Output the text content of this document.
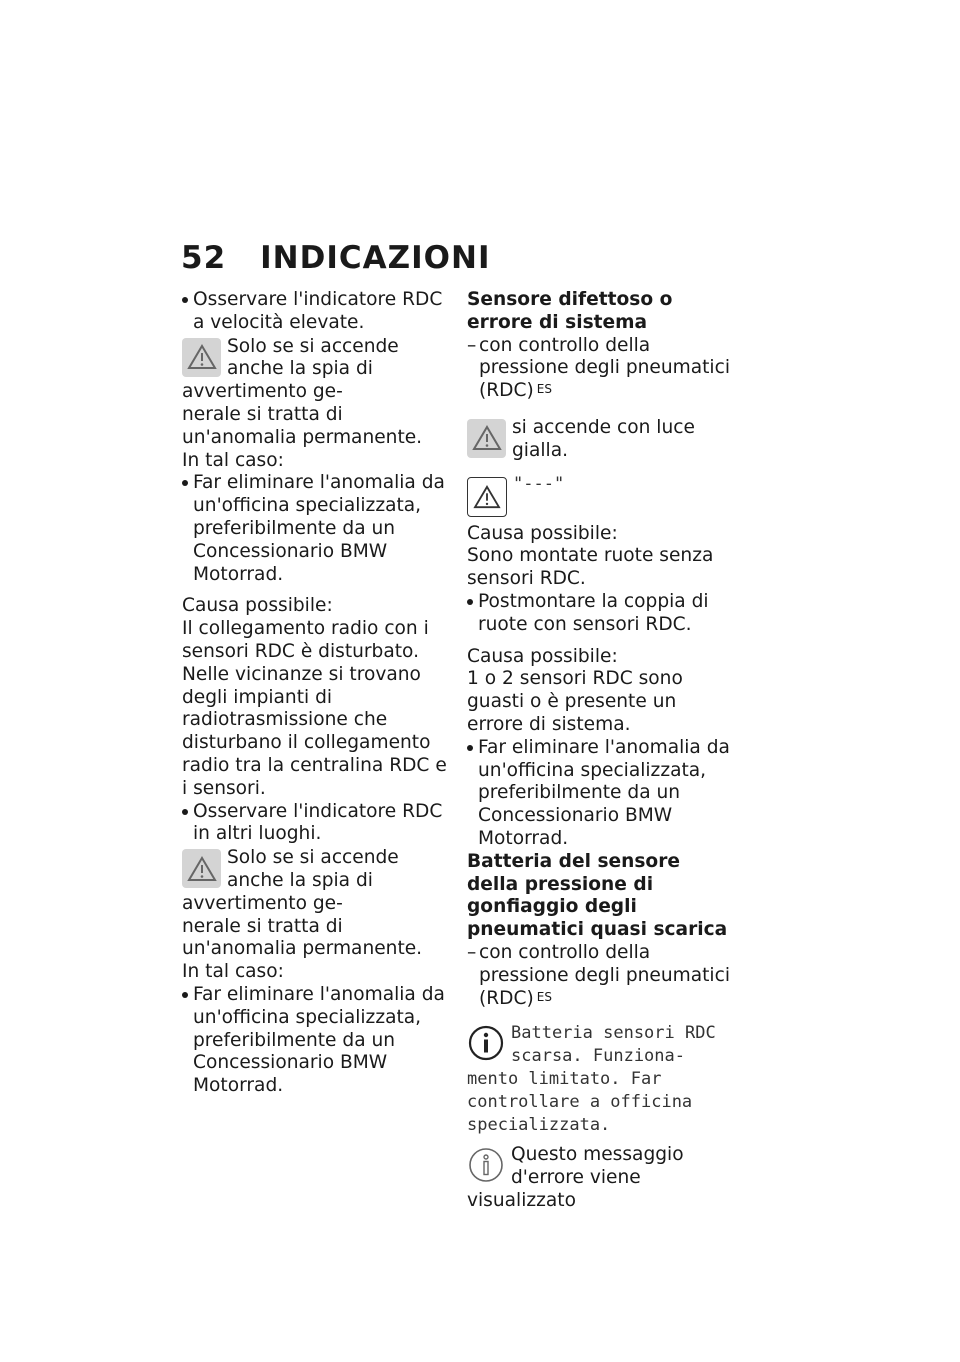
52 INDICAZIONI
Osservare l'indicatore RDC a velocità elevate.
Solo se si accende anche la spia di avvertimento ge-
nerale si tratta di un'anomalia permanente.

In tal caso:

Far eliminare l'anomalia da un'officina specializzata, preferibilmente da un Concessionario BMW Motorrad.

Causa possibile:

Il collegamento radio con i sensori RDC è disturbato. Nelle vicinanze si trovano degli impianti di radiotrasmissione che disturbano il collegamento radio tra la centralina RDC e i sensori.

Osservare l'indicatore RDC in altri luoghi.
Solo se si accende anche la spia di avvertimento ge-
nerale si tratta di un'anomalia permanente.

In tal caso:

Far eliminare l'anomalia da un'officina specializzata, preferibilmente da un Concessionario BMW Motorrad.

Sensore difettoso o errore di sistema

– con controllo della pressione degli pneumatici (RDC) $^{ES}$
si accende con luce gialla.
"---"

Causa possibile:

Sono montate ruote senza sensori RDC.

Postmontare la coppia di ruote con sensori RDC.

Causa possibile:

1 o 2 sensori RDC sono guasti o è presente un errore di sistema.

Far eliminare l'anomalia da un'officina specializzata, preferibilmente da un Concessionario BMW Motorrad.

Batteria del sensore della pressione di gonfiaggio degli pneumatici quasi scarica

– con controllo della pressione degli pneumatici (RDC) $^{ES}$
Batteria sensori RDC scarsa. Funziona-
mento limitato. Far controllare a officina specializzata.
Questo messaggio d'errore viene visualizzato
